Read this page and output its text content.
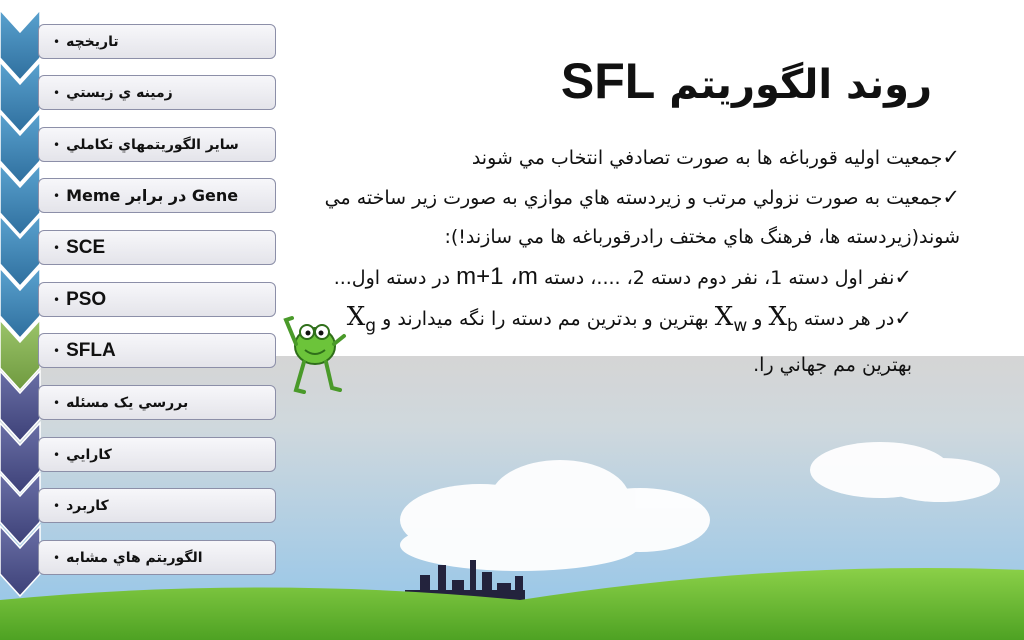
• تاريخچه
• زمينه ي زيستي
• ساير الگوريتمهاي تكاملي
• Gene در برابر Meme
• SCE
• PSO
• SFLA
• بررسي يک مسئله
• كارايي
• كاربرد
• الگوريتم هاي مشابه
روند الگوريتم SFL

✓جمعيت اوليه قورباغه ها به صورت تصادفي انتخاب مي شوند

✓جمعيت به صورت نزولي مرتب و زيردسته هاي موازي به صورت زير ساخته مي شوند(زيردسته ها، فرهنگ هاي مختف رادرقورباغه ها مي سازند!):

✓نفر اول دسته 1، نفر دوم دسته 2، ....، دسته m+1 ،m در دسته اول...

✓در هر دسته Xb و Xw بهترين و بدترين مم دسته را نگه ميدارند و Xg بهترين مم جهاني را.
